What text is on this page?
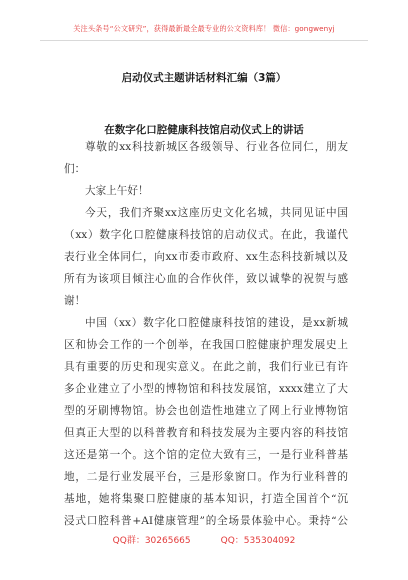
关注头条号“公文研究”，获得最新最全最专业的公文资料库！ 微信：gongwenyj
启动仪式主题讲话材料汇编（3篇）
在数字化口腔健康科技馆启动仪式上的讲话
尊敬的xx科技新城区各级领导、行业各位同仁，朋友
们：
大家上午好！
今天，我们齐聚xx这座历史文化名城，共同见证中国
（xx）数字化口腔健康科技馆的启动仪式。在此，我谨代
表行业全体同仁，向xx市委市政府、xx生态科技新城以及
所有为该项目倾注心血的合作伙伴，致以诚挚的祝贺与感
谢！
中国（xx）数字化口腔健康科技馆的建设，是xx新城
区和协会工作的一个创举，在我国口腔健康护理发展史上
具有重要的历史和现实意义。在此之前，我们行业已有许
多企业建立了小型的博物馆和科技发展馆，xxxx建立了大
型的牙刷博物馆。协会也创造性地建立了网上行业博物馆
但真正大型的以科普教育和科技发展为主要内容的科技馆
这还是第一个。这个馆的定位大致有三，一是行业科普基
地，二是行业发展平台，三是形象窗口。作为行业科普的
基地，她将集聚口腔健康的基本知识，打造全国首个“沉
浸式口腔科普+AI健康管理”的全场景体验中心。秉持“公
QQ群：30265665	QQ：535304092
